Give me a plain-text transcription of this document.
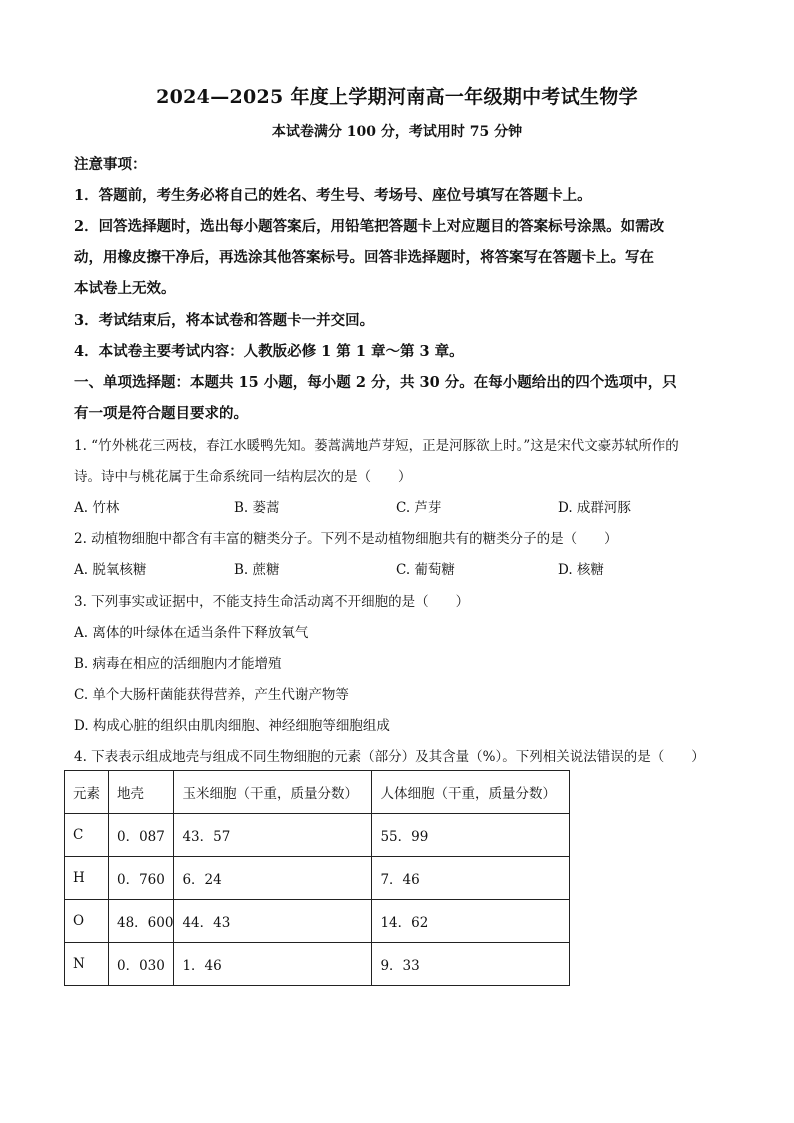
2024—2025 年度上学期河南高一年级期中考试生物学
本试卷满分 100 分，考试用时 75 分钟
注意事项：
1．答题前，考生务必将自己的姓名、考生号、考场号、座位号填写在答题卡上。
2．回答选择题时，选出每小题答案后，用铅笔把答题卡上对应题目的答案标号涂黑。如需改
动，用橡皮擦干净后，再选涂其他答案标号。回答非选择题时，将答案写在答题卡上。写在
本试卷上无效。
3．考试结束后，将本试卷和答题卡一并交回。
4．本试卷主要考试内容：人教版必修 1 第 1 章～第 3 章。
一、单项选择题：本题共 15 小题，每小题 2 分，共 30 分。在每小题给出的四个选项中，只
有一项是符合题目要求的。
1. “竹外桃花三两枝，春江水暖鸭先知。蒌蒿满地芦芽短，正是河豚欲上时。”这是宋代文豪苏轼所作的
诗。诗中与桃花属于生命系统同一结构层次的是（　　）
A. 竹林	B. 蒌蒿	C. 芦芽	D. 成群河豚
2. 动植物细胞中都含有丰富的糖类分子。下列不是动植物细胞共有的糖类分子的是（　　）
A. 脱氧核糖	B. 蔗糖	C. 葡萄糖	D. 核糖
3. 下列事实或证据中，不能支持生命活动离不开细胞的是（　　）
A. 离体的叶绿体在适当条件下释放氧气
B. 病毒在相应的活细胞内才能增殖
C. 单个大肠杆菌能获得营养，产生代谢产物等
D. 构成心脏的组织由肌肉细胞、神经细胞等细胞组成
4. 下表表示组成地壳与组成不同生物细胞的元素（部分）及其含量（%）。下列相关说法错误的是（　　）
元素	地壳	玉米细胞（干重，质量分数）	人体细胞（干重，质量分数）
C	0．087	43．57	55．99
H	0．760	6．24	7．46
O	48．600	44．43	14．62
N	0．030	1．46	9．33
